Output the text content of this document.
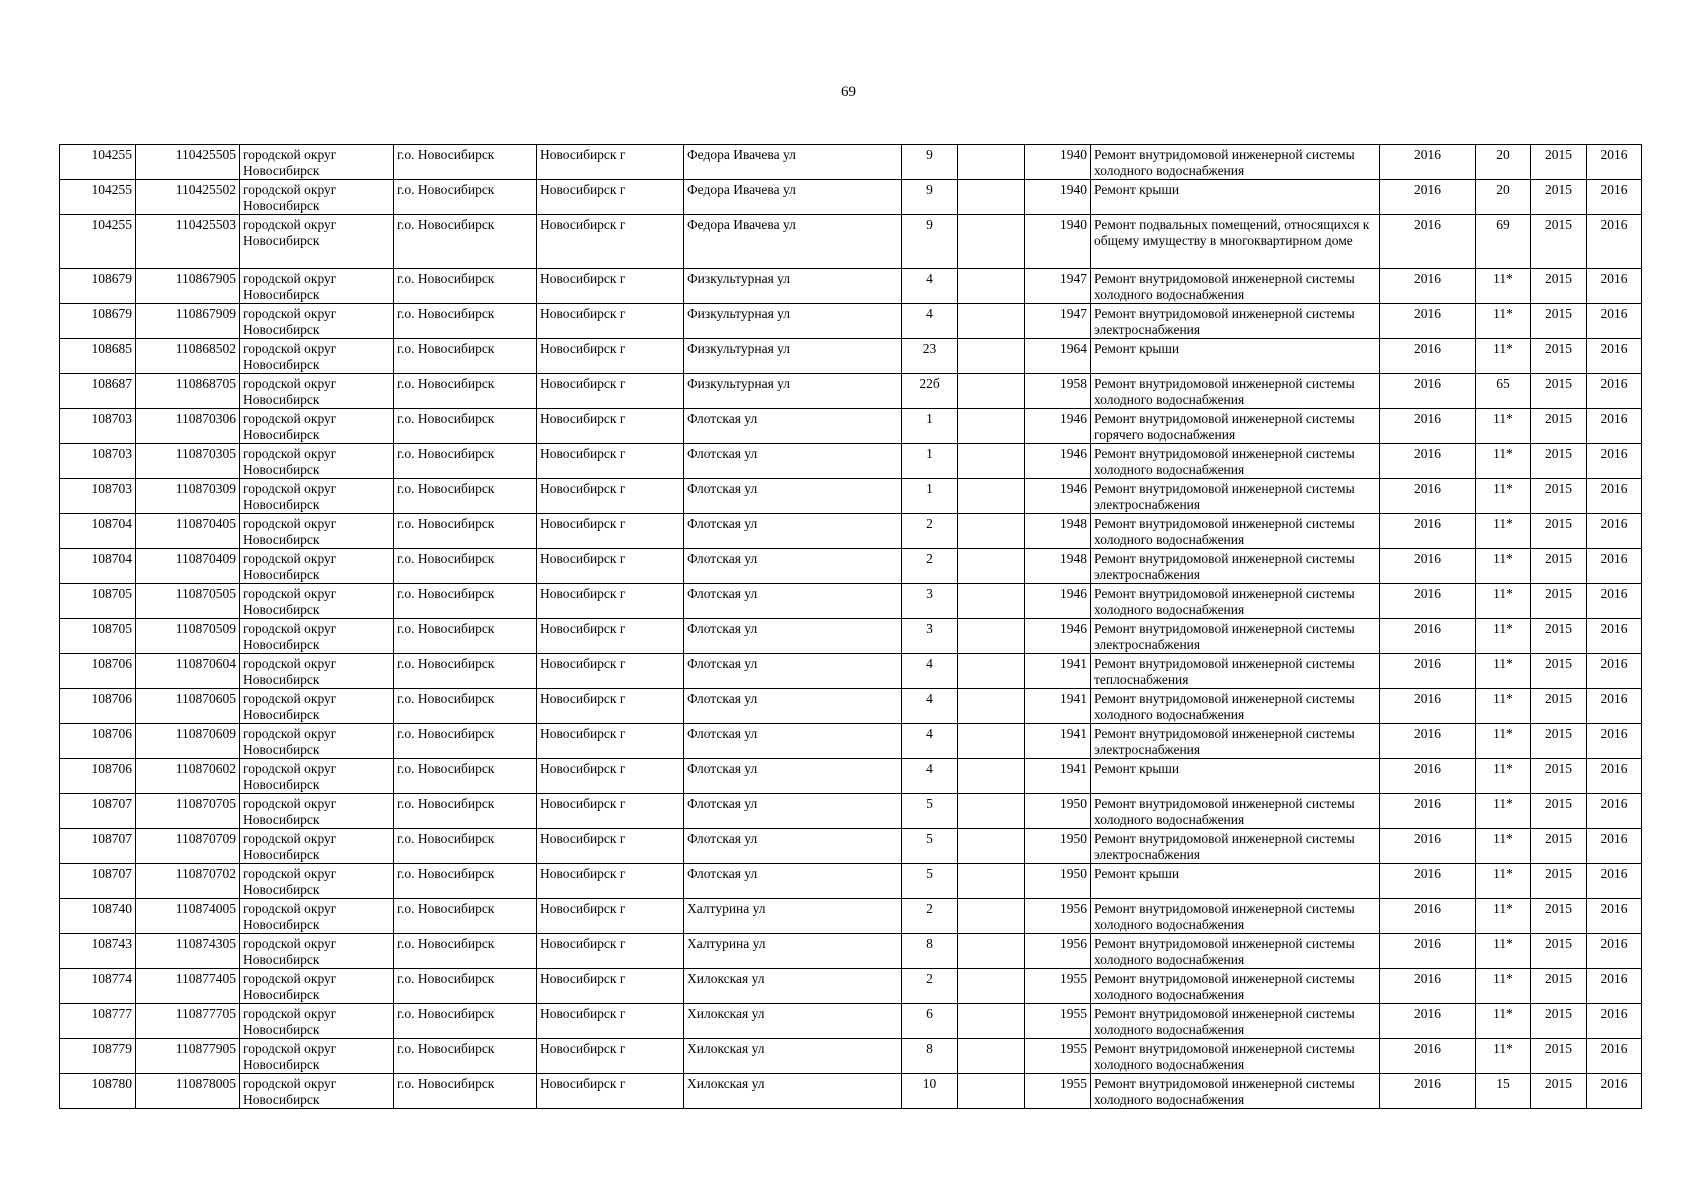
69
104255	110425505	городской округ Новосибирск	г.о. Новосибирск	Новосибирск г	Федора Ивачева ул	9		1940	Ремонт внутридомовой инженерной системы холодного водоснабжения	2016	20	2015	2016
104255	110425502	городской округ Новосибирск	г.о. Новосибирск	Новосибирск г	Федора Ивачева ул	9		1940	Ремонт крыши	2016	20	2015	2016
104255	110425503	городской округ Новосибирск	г.о. Новосибирск	Новосибирск г	Федора Ивачева ул	9		1940	Ремонт подвальных помещений, относящихся к общему имуществу в многоквартирном доме	2016	69	2015	2016
108679	110867905	городской округ Новосибирск	г.о. Новосибирск	Новосибирск г	Физкультурная ул	4		1947	Ремонт внутридомовой инженерной системы холодного водоснабжения	2016	11*	2015	2016
108679	110867909	городской округ Новосибирск	г.о. Новосибирск	Новосибирск г	Физкультурная ул	4		1947	Ремонт внутридомовой инженерной системы электроснабжения	2016	11*	2015	2016
108685	110868502	городской округ Новосибирск	г.о. Новосибирск	Новосибирск г	Физкультурная ул	23		1964	Ремонт крыши	2016	11*	2015	2016
108687	110868705	городской округ Новосибирск	г.о. Новосибирск	Новосибирск г	Физкультурная ул	22б		1958	Ремонт внутридомовой инженерной системы холодного водоснабжения	2016	65	2015	2016
108703	110870306	городской округ Новосибирск	г.о. Новосибирск	Новосибирск г	Флотская ул	1		1946	Ремонт внутридомовой инженерной системы горячего водоснабжения	2016	11*	2015	2016
108703	110870305	городской округ Новосибирск	г.о. Новосибирск	Новосибирск г	Флотская ул	1		1946	Ремонт внутридомовой инженерной системы холодного водоснабжения	2016	11*	2015	2016
108703	110870309	городской округ Новосибирск	г.о. Новосибирск	Новосибирск г	Флотская ул	1		1946	Ремонт внутридомовой инженерной системы электроснабжения	2016	11*	2015	2016
108704	110870405	городской округ Новосибирск	г.о. Новосибирск	Новосибирск г	Флотская ул	2		1948	Ремонт внутридомовой инженерной системы холодного водоснабжения	2016	11*	2015	2016
108704	110870409	городской округ Новосибирск	г.о. Новосибирск	Новосибирск г	Флотская ул	2		1948	Ремонт внутридомовой инженерной системы электроснабжения	2016	11*	2015	2016
108705	110870505	городской округ Новосибирск	г.о. Новосибирск	Новосибирск г	Флотская ул	3		1946	Ремонт внутридомовой инженерной системы холодного водоснабжения	2016	11*	2015	2016
108705	110870509	городской округ Новосибирск	г.о. Новосибирск	Новосибирск г	Флотская ул	3		1946	Ремонт внутридомовой инженерной системы электроснабжения	2016	11*	2015	2016
108706	110870604	городской округ Новосибирск	г.о. Новосибирск	Новосибирск г	Флотская ул	4		1941	Ремонт внутридомовой инженерной системы теплоснабжения	2016	11*	2015	2016
108706	110870605	городской округ Новосибирск	г.о. Новосибирск	Новосибирск г	Флотская ул	4		1941	Ремонт внутридомовой инженерной системы холодного водоснабжения	2016	11*	2015	2016
108706	110870609	городской округ Новосибирск	г.о. Новосибирск	Новосибирск г	Флотская ул	4		1941	Ремонт внутридомовой инженерной системы электроснабжения	2016	11*	2015	2016
108706	110870602	городской округ Новосибирск	г.о. Новосибирск	Новосибирск г	Флотская ул	4		1941	Ремонт крыши	2016	11*	2015	2016
108707	110870705	городской округ Новосибирск	г.о. Новосибирск	Новосибирск г	Флотская ул	5		1950	Ремонт внутридомовой инженерной системы холодного водоснабжения	2016	11*	2015	2016
108707	110870709	городской округ Новосибирск	г.о. Новосибирск	Новосибирск г	Флотская ул	5		1950	Ремонт внутридомовой инженерной системы электроснабжения	2016	11*	2015	2016
108707	110870702	городской округ Новосибирск	г.о. Новосибирск	Новосибирск г	Флотская ул	5		1950	Ремонт крыши	2016	11*	2015	2016
108740	110874005	городской округ Новосибирск	г.о. Новосибирск	Новосибирск г	Халтурина ул	2		1956	Ремонт внутридомовой инженерной системы холодного водоснабжения	2016	11*	2015	2016
108743	110874305	городской округ Новосибирск	г.о. Новосибирск	Новосибирск г	Халтурина ул	8		1956	Ремонт внутридомовой инженерной системы холодного водоснабжения	2016	11*	2015	2016
108774	110877405	городской округ Новосибирск	г.о. Новосибирск	Новосибирск г	Хилокская ул	2		1955	Ремонт внутридомовой инженерной системы холодного водоснабжения	2016	11*	2015	2016
108777	110877705	городской округ Новосибирск	г.о. Новосибирск	Новосибирск г	Хилокская ул	6		1955	Ремонт внутридомовой инженерной системы холодного водоснабжения	2016	11*	2015	2016
108779	110877905	городской округ Новосибирск	г.о. Новосибирск	Новосибирск г	Хилокская ул	8		1955	Ремонт внутридомовой инженерной системы холодного водоснабжения	2016	11*	2015	2016
108780	110878005	городской округ Новосибирск	г.о. Новосибирск	Новосибирск г	Хилокская ул	10		1955	Ремонт внутридомовой инженерной системы холодного водоснабжения	2016	15	2015	2016
